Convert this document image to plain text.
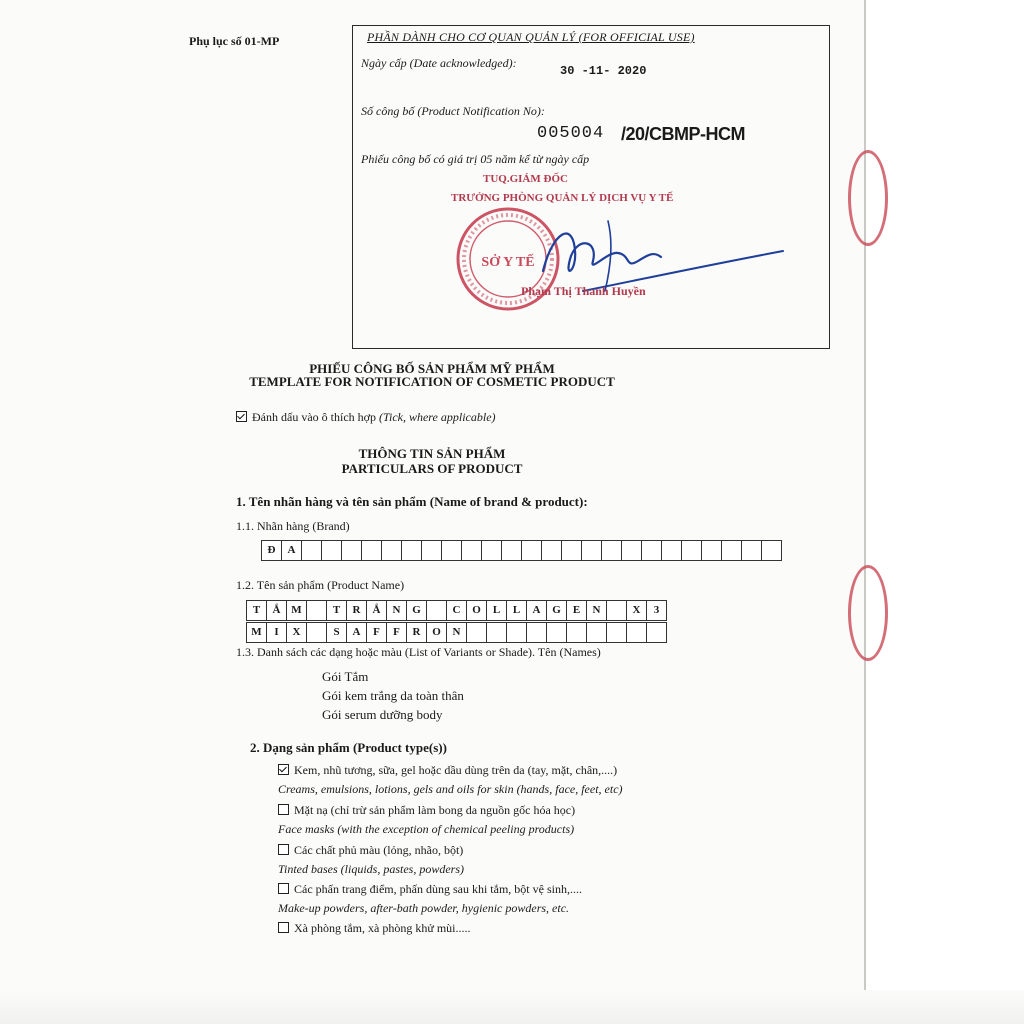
Phụ lục số 01-MP	PHẦN DÀNH CHO CƠ QUAN QUẢN LÝ (FOR OFFICIAL USE)
Ngày cấp (Date acknowledged):
30 -11- 2020
Số công bố (Product Notification No):
005004 /20/CBMP-HCM
Phiếu công bố có giá trị 05 năm kể từ ngày cấp
TUQ.GIÁM ĐỐC
TRƯỞNG PHÒNG QUẢN LÝ DỊCH VỤ Y TẾ
SỞ Y TẾ
Phạm Thị Thanh Huyền
PHIẾU CÔNG BỐ SẢN PHẨM MỸ PHẨM
TEMPLATE FOR NOTIFICATION OF COSMETIC PRODUCT
Đánh dấu vào ô thích hợp (Tick, where applicable)
THÔNG TIN SẢN PHẨM
PARTICULARS OF PRODUCT
1. Tên nhãn hàng và tên sản phẩm (Name of brand & product):
1.1. Nhãn hàng (Brand)
Đ	A
1.2. Tên sản phẩm (Product Name)
T	Ắ M	T	R	Ắ	N	G	C	O	L	L	A	G	E	N	X	3
M	I	X	S	A	F	F	R	O	N
1.3. Danh sách các dạng hoặc màu (List of Variants or Shade). Tên (Names)
Gói Tắm
Gói kem trắng da toàn thân
Gói serum dưỡng body
2. Dạng sản phẩm (Product type(s))
Kem, nhũ tương, sữa, gel hoặc dầu dùng trên da (tay, mặt, chân,....)
Creams, emulsions, lotions, gels and oils for skin (hands, face, feet, etc)
Mặt nạ (chỉ trừ sản phẩm làm bong da nguồn gốc hóa học)
Face masks (with the exception of chemical peeling products)
Các chất phủ màu (lỏng, nhão, bột)
Tinted bases (liquids, pastes, powders)
Các phấn trang điểm, phấn dùng sau khi tắm, bột vệ sinh,....
Make-up powders, after-bath powder, hygienic powders, etc.
Xà phòng tắm, xà phòng khử mùi.....
